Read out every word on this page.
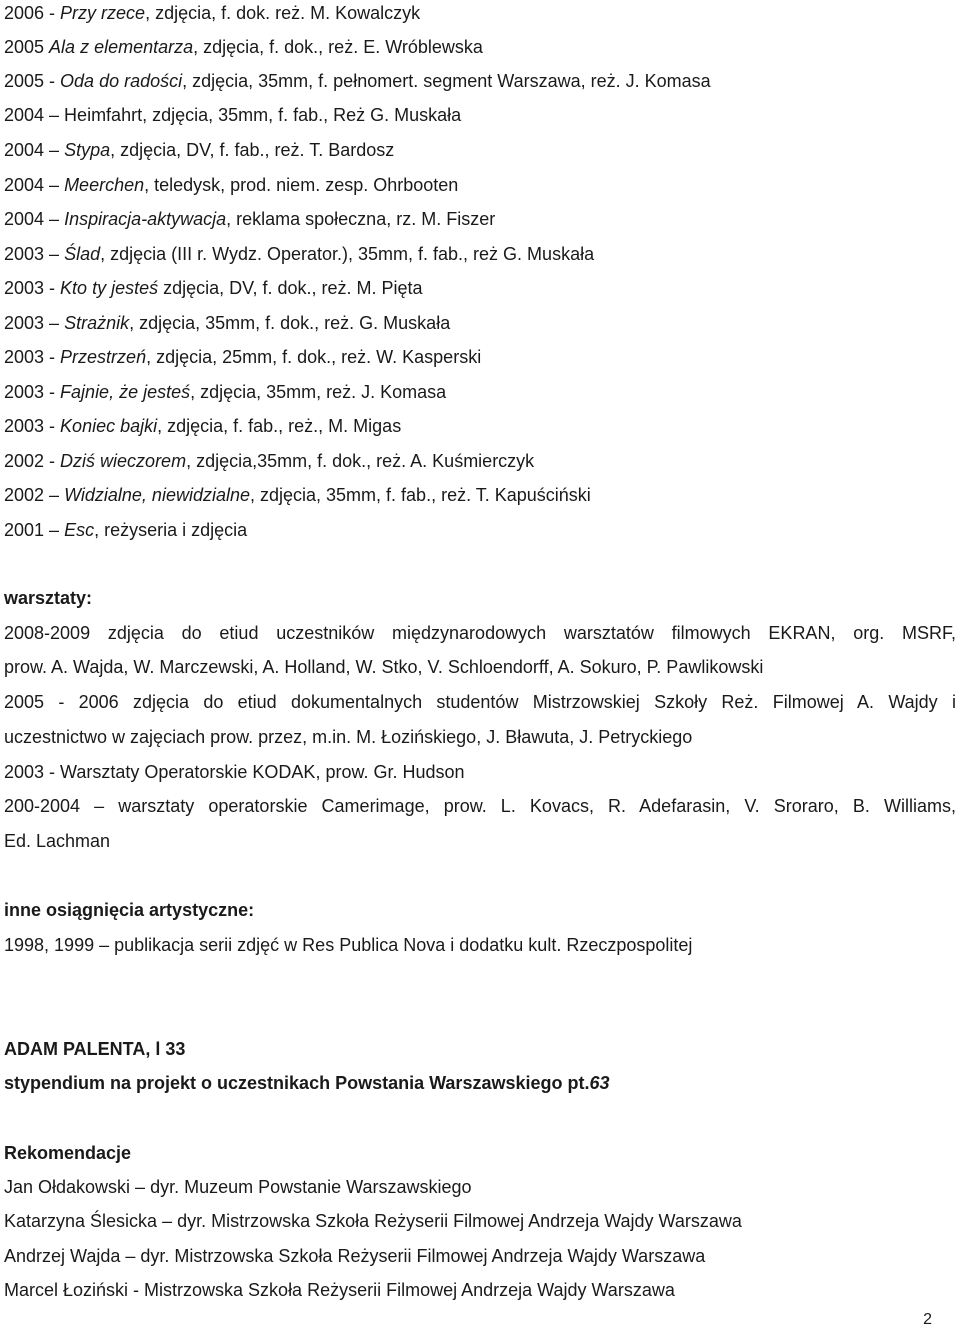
2006 - Przy rzece, zdjęcia, f. dok. reż. M. Kowalczyk
2005 Ala z elementarza, zdjęcia, f. dok., reż. E. Wróblewska
2005 - Oda do radości, zdjęcia, 35mm, f. pełnomert. segment Warszawa, reż. J. Komasa
2004 – Heimfahrt, zdjęcia, 35mm, f. fab., Reż G. Muskała
2004 – Stypa, zdjęcia, DV, f. fab., reż. T. Bardosz
2004 – Meerchen, teledysk, prod. niem. zesp. Ohrbooten
2004 – Inspiracja-aktywacja, reklama społeczna, rz. M. Fiszer
2003 – Ślad, zdjęcia (III r. Wydz. Operator.), 35mm, f. fab., reż G. Muskała
2003 - Kto ty jesteś zdjęcia, DV, f. dok., reż. M. Pięta
2003 – Strażnik, zdjęcia, 35mm, f. dok., reż. G. Muskała
2003 - Przestrzeń, zdjęcia, 25mm, f. dok., reż. W. Kasperski
2003 - Fajnie, że jesteś, zdjęcia, 35mm, reż. J. Komasa
2003 - Koniec bajki, zdjęcia, f. fab., reż., M. Migas
2002 - Dziś wieczorem, zdjęcia,35mm, f. dok., reż. A. Kuśmierczyk
2002 – Widzialne, niewidzialne, zdjęcia, 35mm, f. fab., reż. T. Kapuściński
2001 – Esc, reżyseria i zdjęcia
warsztaty:
2008-2009 zdjęcia do etiud uczestników międzynarodowych warsztatów filmowych EKRAN, org. MSRF,
prow. A. Wajda, W. Marczewski, A. Holland, W. Stko, V. Schloendorff, A. Sokuro, P. Pawlikowski
2005 - 2006 zdjęcia do etiud dokumentalnych studentów Mistrzowskiej Szkoły Reż. Filmowej A. Wajdy i
uczestnictwo w zajęciach prow. przez, m.in. M. Łozińskiego, J. Bławuta, J. Petryckiego
2003 - Warsztaty Operatorskie KODAK, prow. Gr. Hudson
200-2004 – warsztaty operatorskie Camerimage, prow. L. Kovacs, R. Adefarasin, V. Sroraro, B. Williams,
Ed. Lachman
inne osiągnięcia artystyczne:
1998, 1999 – publikacja serii zdjęć w Res Publica Nova i dodatku kult. Rzeczpospolitej
ADAM PALENTA, l 33
stypendium na projekt o uczestnikach Powstania Warszawskiego pt.63
Rekomendacje
Jan Ołdakowski – dyr. Muzeum Powstanie Warszawskiego
Katarzyna Ślesicka – dyr. Mistrzowska Szkoła Reżyserii Filmowej Andrzeja Wajdy Warszawa
Andrzej Wajda – dyr. Mistrzowska Szkoła Reżyserii Filmowej Andrzeja Wajdy Warszawa
Marcel Łoziński - Mistrzowska Szkoła Reżyserii Filmowej Andrzeja Wajdy Warszawa
2
